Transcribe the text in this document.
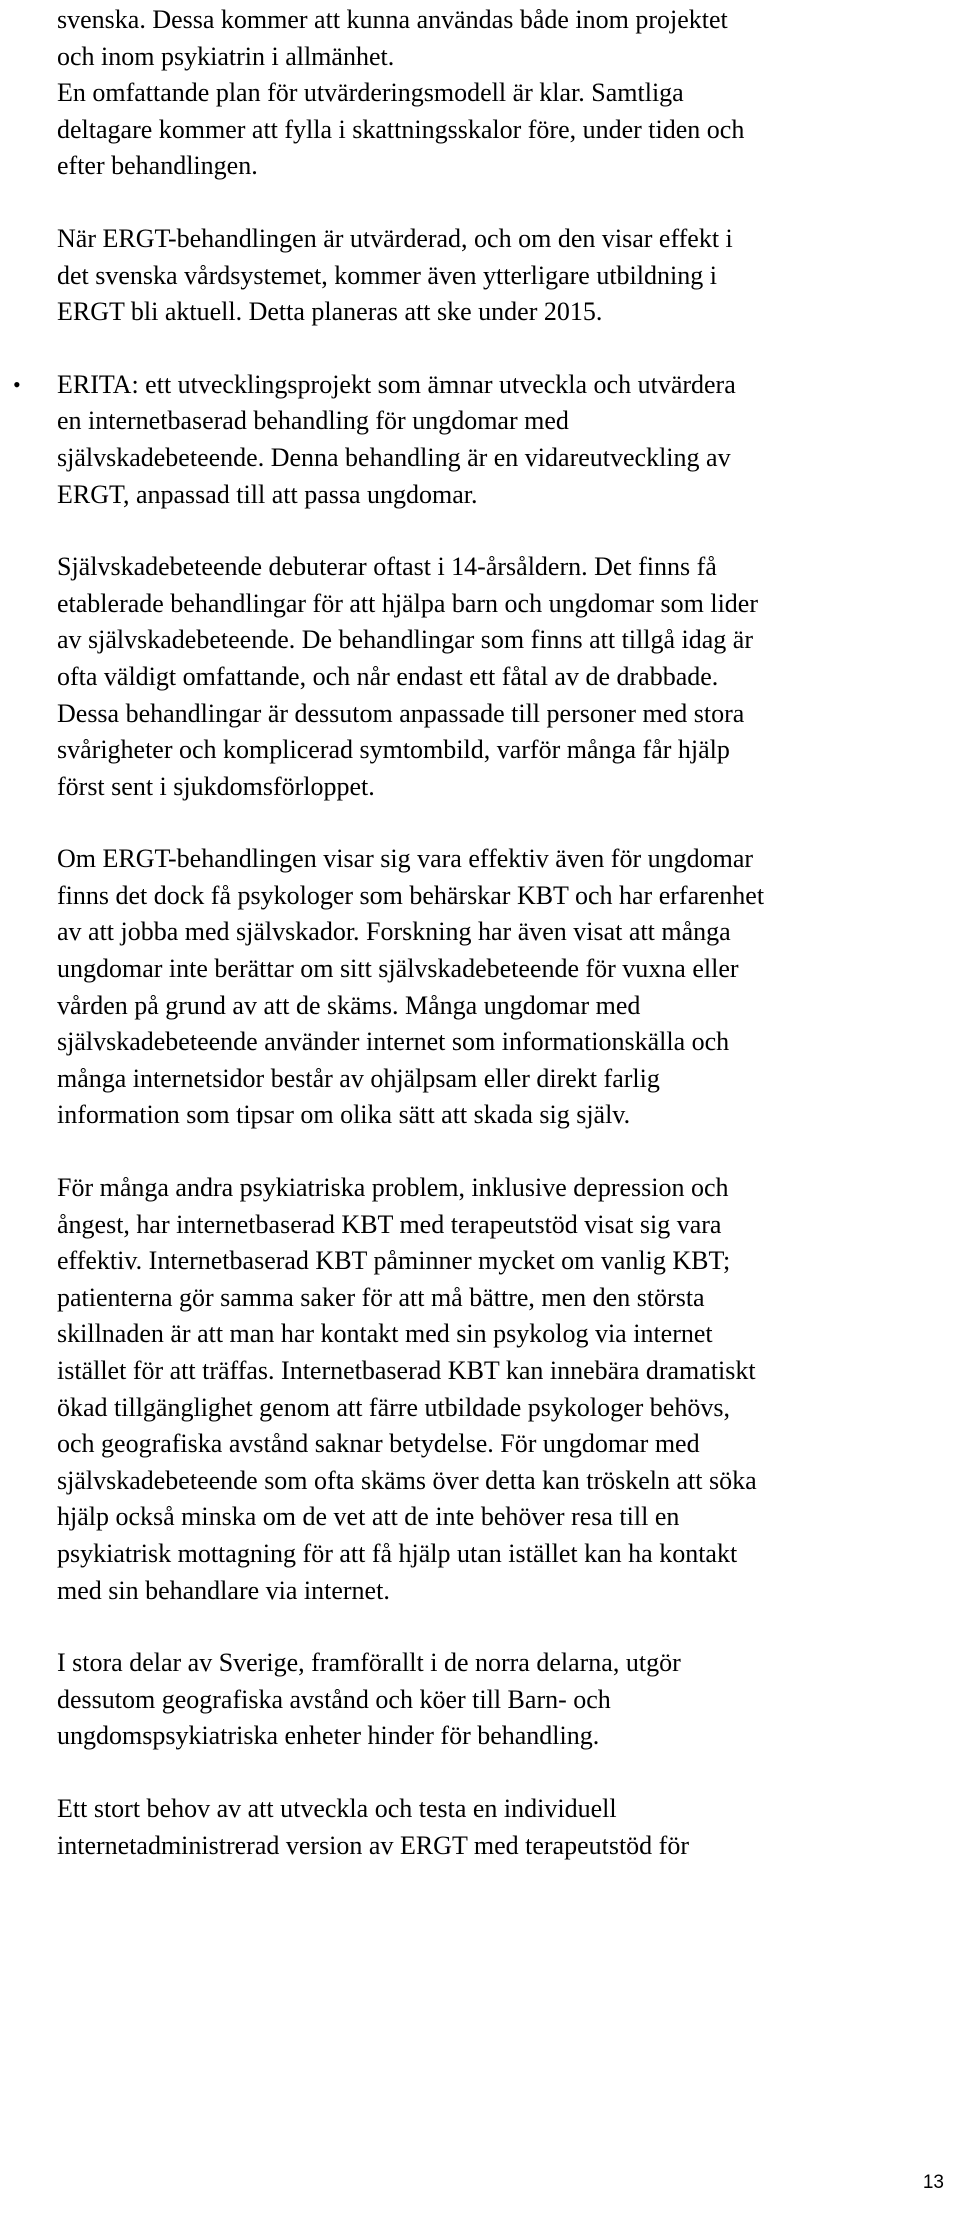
svenska. Dessa kommer att kunna användas både inom projektet
och inom psykiatrin i allmänhet.
En omfattande plan för utvärderingsmodell är klar. Samtliga
deltagare kommer att fylla i skattningsskalor före, under tiden och
efter behandlingen.
När ERGT-behandlingen är utvärderad, och om den visar effekt i
det svenska vårdsystemet, kommer även ytterligare utbildning i
ERGT bli aktuell. Detta planeras att ske under 2015.
•	ERITA: ett utvecklingsprojekt som ämnar utveckla och utvärdera
en internetbaserad behandling för ungdomar med
självskadebeteende. Denna behandling är en vidareutveckling av
ERGT, anpassad till att passa ungdomar.
Självskadebeteende debuterar oftast i 14-årsåldern. Det finns få
etablerade behandlingar för att hjälpa barn och ungdomar som lider
av självskadebeteende. De behandlingar som finns att tillgå idag är
ofta väldigt omfattande, och når endast ett fåtal av de drabbade.
Dessa behandlingar är dessutom anpassade till personer med stora
svårigheter och komplicerad symtombild, varför många får hjälp
först sent i sjukdomsförloppet.
Om ERGT-behandlingen visar sig vara effektiv även för ungdomar
finns det dock få psykologer som behärskar KBT och har erfarenhet
av att jobba med självskador. Forskning har även visat att många
ungdomar inte berättar om sitt självskadebeteende för vuxna eller
vården på grund av att de skäms. Många ungdomar med
självskadebeteende använder internet som informationskälla och
många internetsidor består av ohjälpsam eller direkt farlig
information som tipsar om olika sätt att skada sig själv.
För många andra psykiatriska problem, inklusive depression och
ångest, har internetbaserad KBT med terapeutstöd visat sig vara
effektiv. Internetbaserad KBT påminner mycket om vanlig KBT;
patienterna gör samma saker för att må bättre, men den största
skillnaden är att man har kontakt med sin psykolog via internet
istället för att träffas. Internetbaserad KBT kan innebära dramatiskt
ökad tillgänglighet genom att färre utbildade psykologer behövs,
och geografiska avstånd saknar betydelse. För ungdomar med
självskadebeteende som ofta skäms över detta kan tröskeln att söka
hjälp också minska om de vet att de inte behöver resa till en
psykiatrisk mottagning för att få hjälp utan istället kan ha kontakt
med sin behandlare via internet.
I stora delar av Sverige, framförallt i de norra delarna, utgör
dessutom geografiska avstånd och köer till Barn- och
ungdomspsykiatriska enheter hinder för behandling.
Ett stort behov av att utveckla och testa en individuell
internetadministrerad version av ERGT med terapeutstöd för
13
